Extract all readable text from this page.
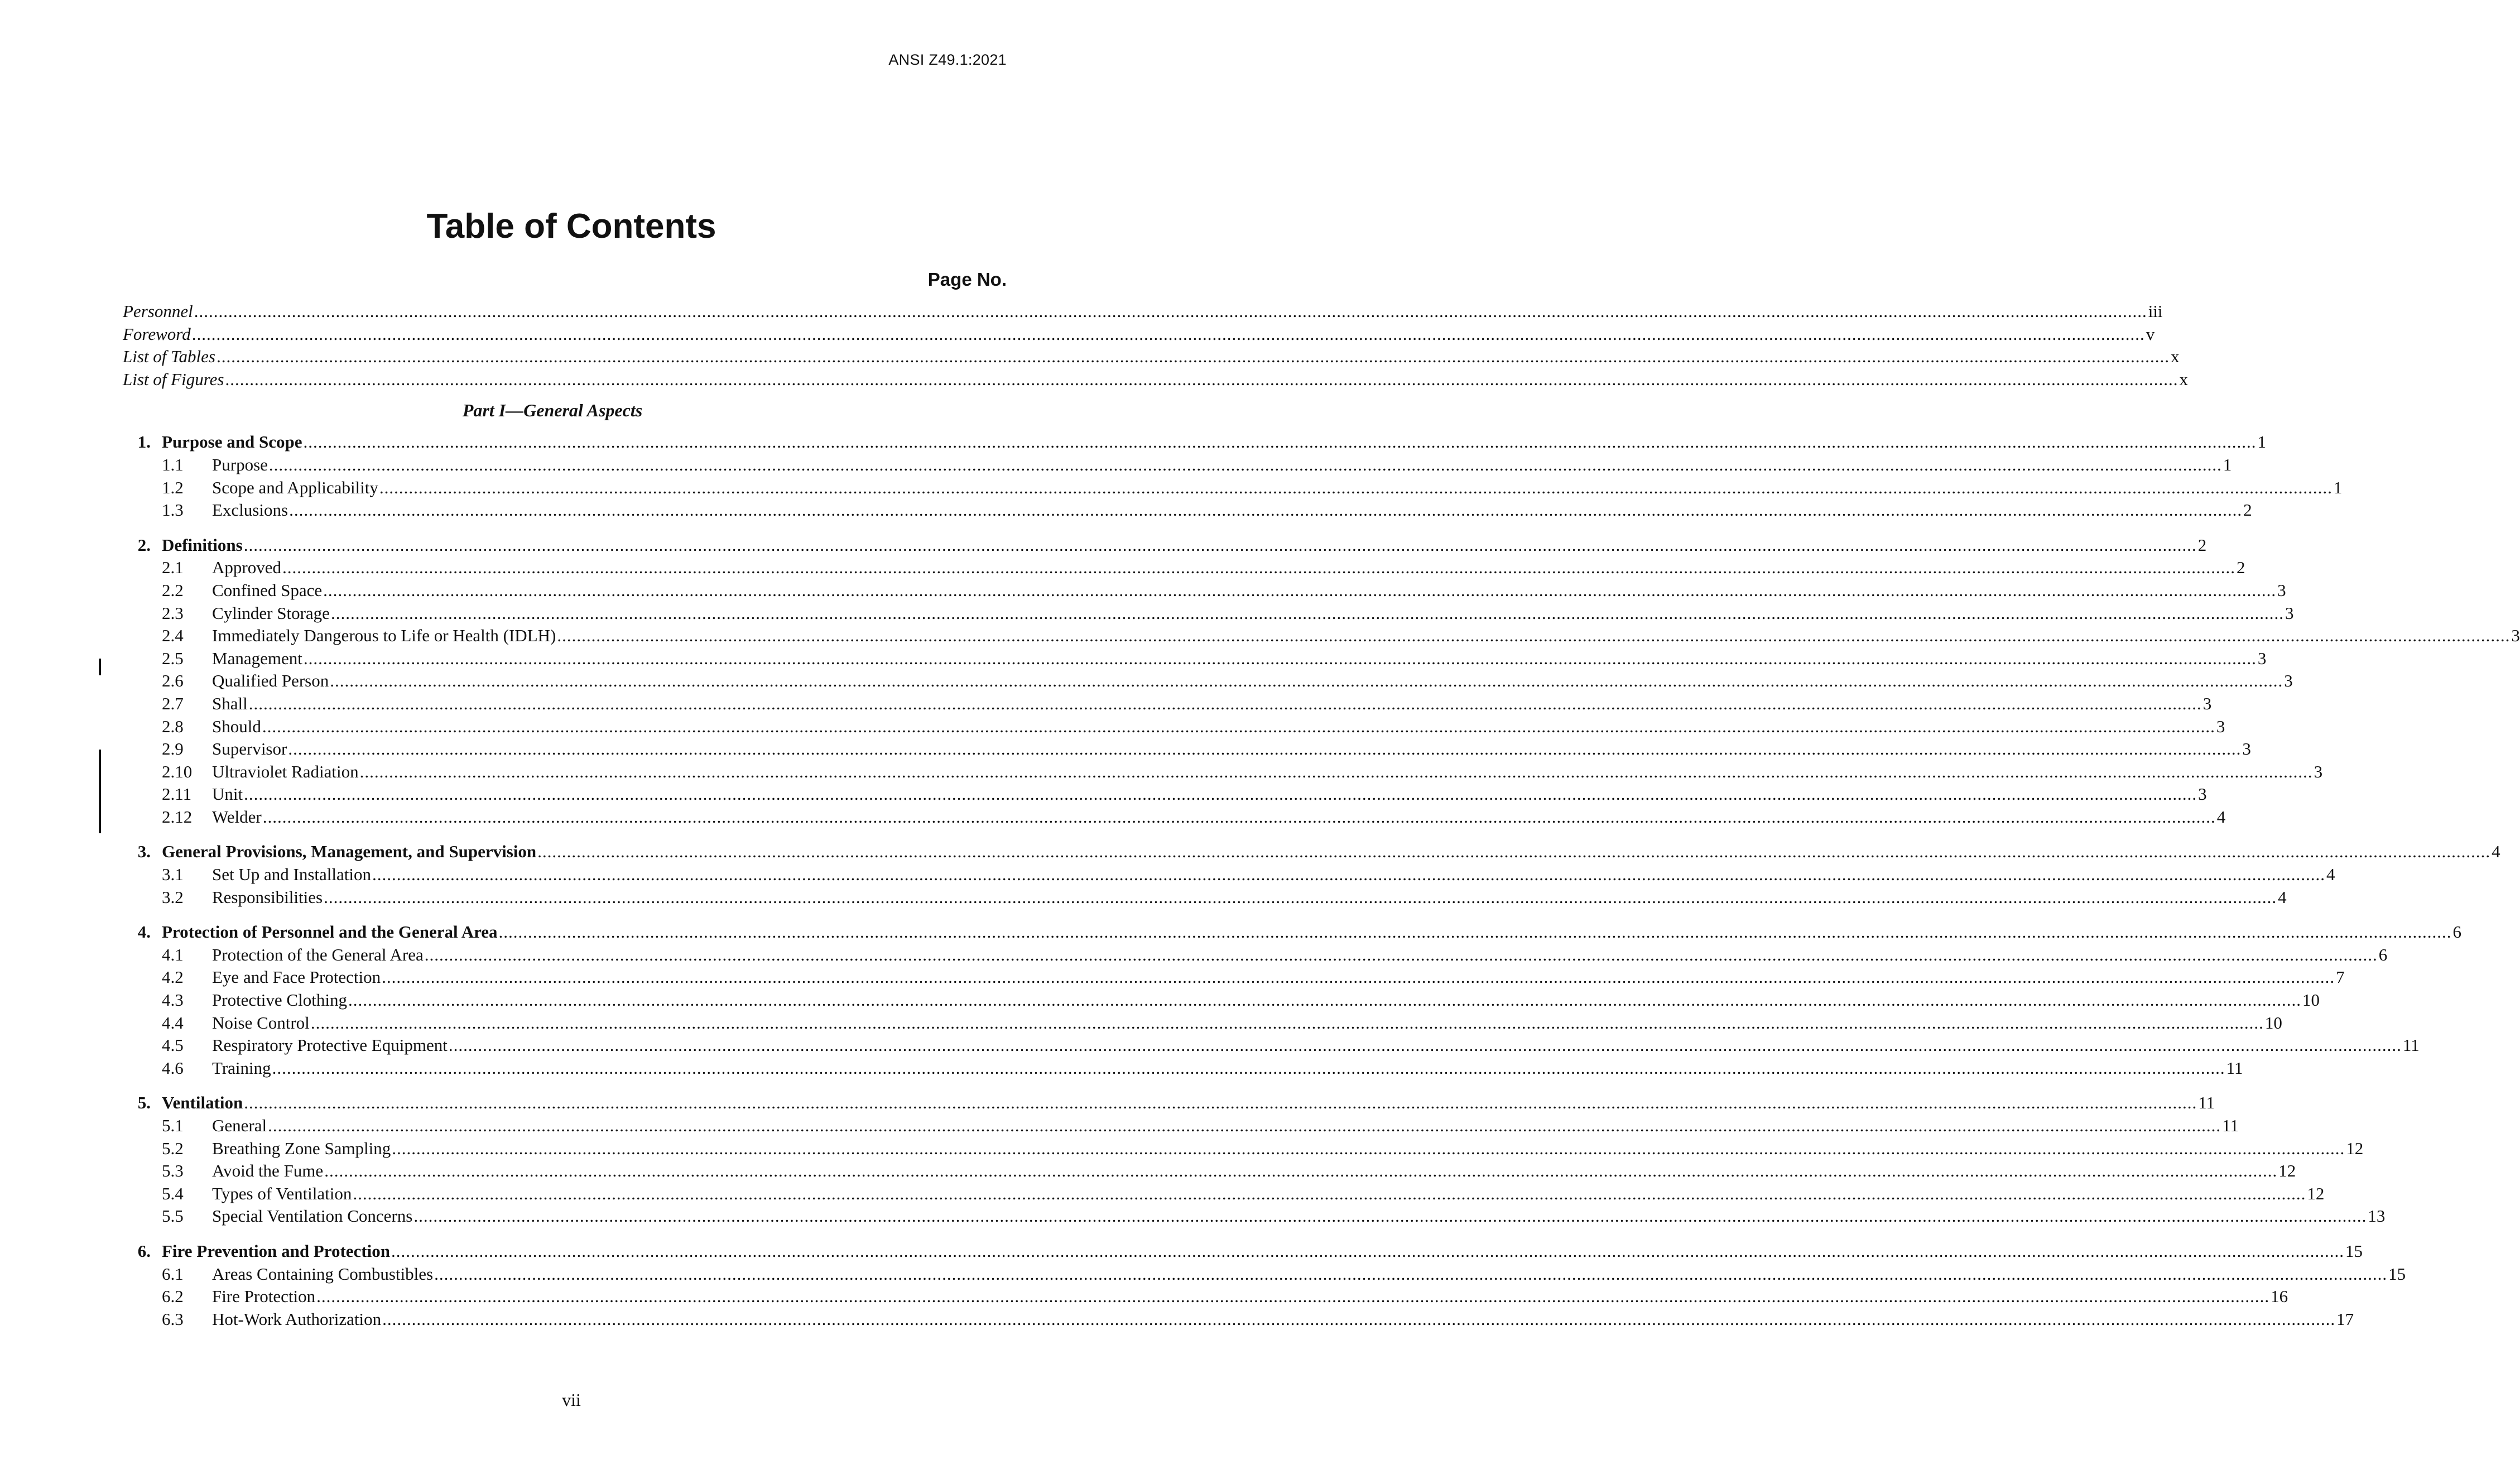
ANSI Z49.1:2021
Table of Contents
Page No.
Personnel ................................................................................................................................................................................................................................................................................................................................................................................................................ iii
Foreword ................................................................................................................................................................................................................................................................................................................................................................................................................ v
List of Tables ................................................................................................................................................................................................................................................................................................................................................................................................................ x
List of Figures ................................................................................................................................................................................................................................................................................................................................................................................................................ x
Part I—General Aspects
1. Purpose and Scope ................................................................................................................................................................................................................................................................................................................................................................................................................ 1
1.1	Purpose ................................................................................................................................................................................................................................................................................................................................................................................................................ 1
1.2	Scope and Applicability ................................................................................................................................................................................................................................................................................................................................................................................................................ 1
1.3	Exclusions ................................................................................................................................................................................................................................................................................................................................................................................................................ 2
2. Definitions ................................................................................................................................................................................................................................................................................................................................................................................................................ 2
2.1	Approved ................................................................................................................................................................................................................................................................................................................................................................................................................ 2
2.2	Confined Space ................................................................................................................................................................................................................................................................................................................................................................................................................ 3
2.3	Cylinder Storage ................................................................................................................................................................................................................................................................................................................................................................................................................ 3
2.4	Immediately Dangerous to Life or Health (IDLH) ................................................................................................................................................................................................................................................................................................................................................................................................................ 3
2.5	Management ................................................................................................................................................................................................................................................................................................................................................................................................................ 3
2.6	Qualified Person ................................................................................................................................................................................................................................................................................................................................................................................................................ 3
2.7	Shall ................................................................................................................................................................................................................................................................................................................................................................................................................ 3
2.8	Should ................................................................................................................................................................................................................................................................................................................................................................................................................ 3
2.9	Supervisor ................................................................................................................................................................................................................................................................................................................................................................................................................ 3
2.10	Ultraviolet Radiation ................................................................................................................................................................................................................................................................................................................................................................................................................ 3
2.11	Unit ................................................................................................................................................................................................................................................................................................................................................................................................................ 3
2.12	Welder ................................................................................................................................................................................................................................................................................................................................................................................................................ 4
3. General Provisions, Management, and Supervision ................................................................................................................................................................................................................................................................................................................................................................................................................ 4
3.1	Set Up and Installation ................................................................................................................................................................................................................................................................................................................................................................................................................ 4
3.2	Responsibilities ................................................................................................................................................................................................................................................................................................................................................................................................................ 4
4. Protection of Personnel and the General Area ................................................................................................................................................................................................................................................................................................................................................................................................................ 6
4.1	Protection of the General Area ................................................................................................................................................................................................................................................................................................................................................................................................................ 6
4.2	Eye and Face Protection ................................................................................................................................................................................................................................................................................................................................................................................................................ 7
4.3	Protective Clothing ................................................................................................................................................................................................................................................................................................................................................................................................................ 10
4.4	Noise Control ................................................................................................................................................................................................................................................................................................................................................................................................................ 10
4.5	Respiratory Protective Equipment ................................................................................................................................................................................................................................................................................................................................................................................................................ 11
4.6	Training ................................................................................................................................................................................................................................................................................................................................................................................................................ 11
5. Ventilation ................................................................................................................................................................................................................................................................................................................................................................................................................ 11
5.1	General ................................................................................................................................................................................................................................................................................................................................................................................................................ 11
5.2	Breathing Zone Sampling ................................................................................................................................................................................................................................................................................................................................................................................................................ 12
5.3	Avoid the Fume ................................................................................................................................................................................................................................................................................................................................................................................................................ 12
5.4	Types of Ventilation ................................................................................................................................................................................................................................................................................................................................................................................................................ 12
5.5	Special Ventilation Concerns ................................................................................................................................................................................................................................................................................................................................................................................................................ 13
6. Fire Prevention and Protection ................................................................................................................................................................................................................................................................................................................................................................................................................ 15
6.1	Areas Containing Combustibles ................................................................................................................................................................................................................................................................................................................................................................................................................ 15
6.2	Fire Protection ................................................................................................................................................................................................................................................................................................................................................................................................................ 16
6.3	Hot-Work Authorization ................................................................................................................................................................................................................................................................................................................................................................................................................ 17
vii
